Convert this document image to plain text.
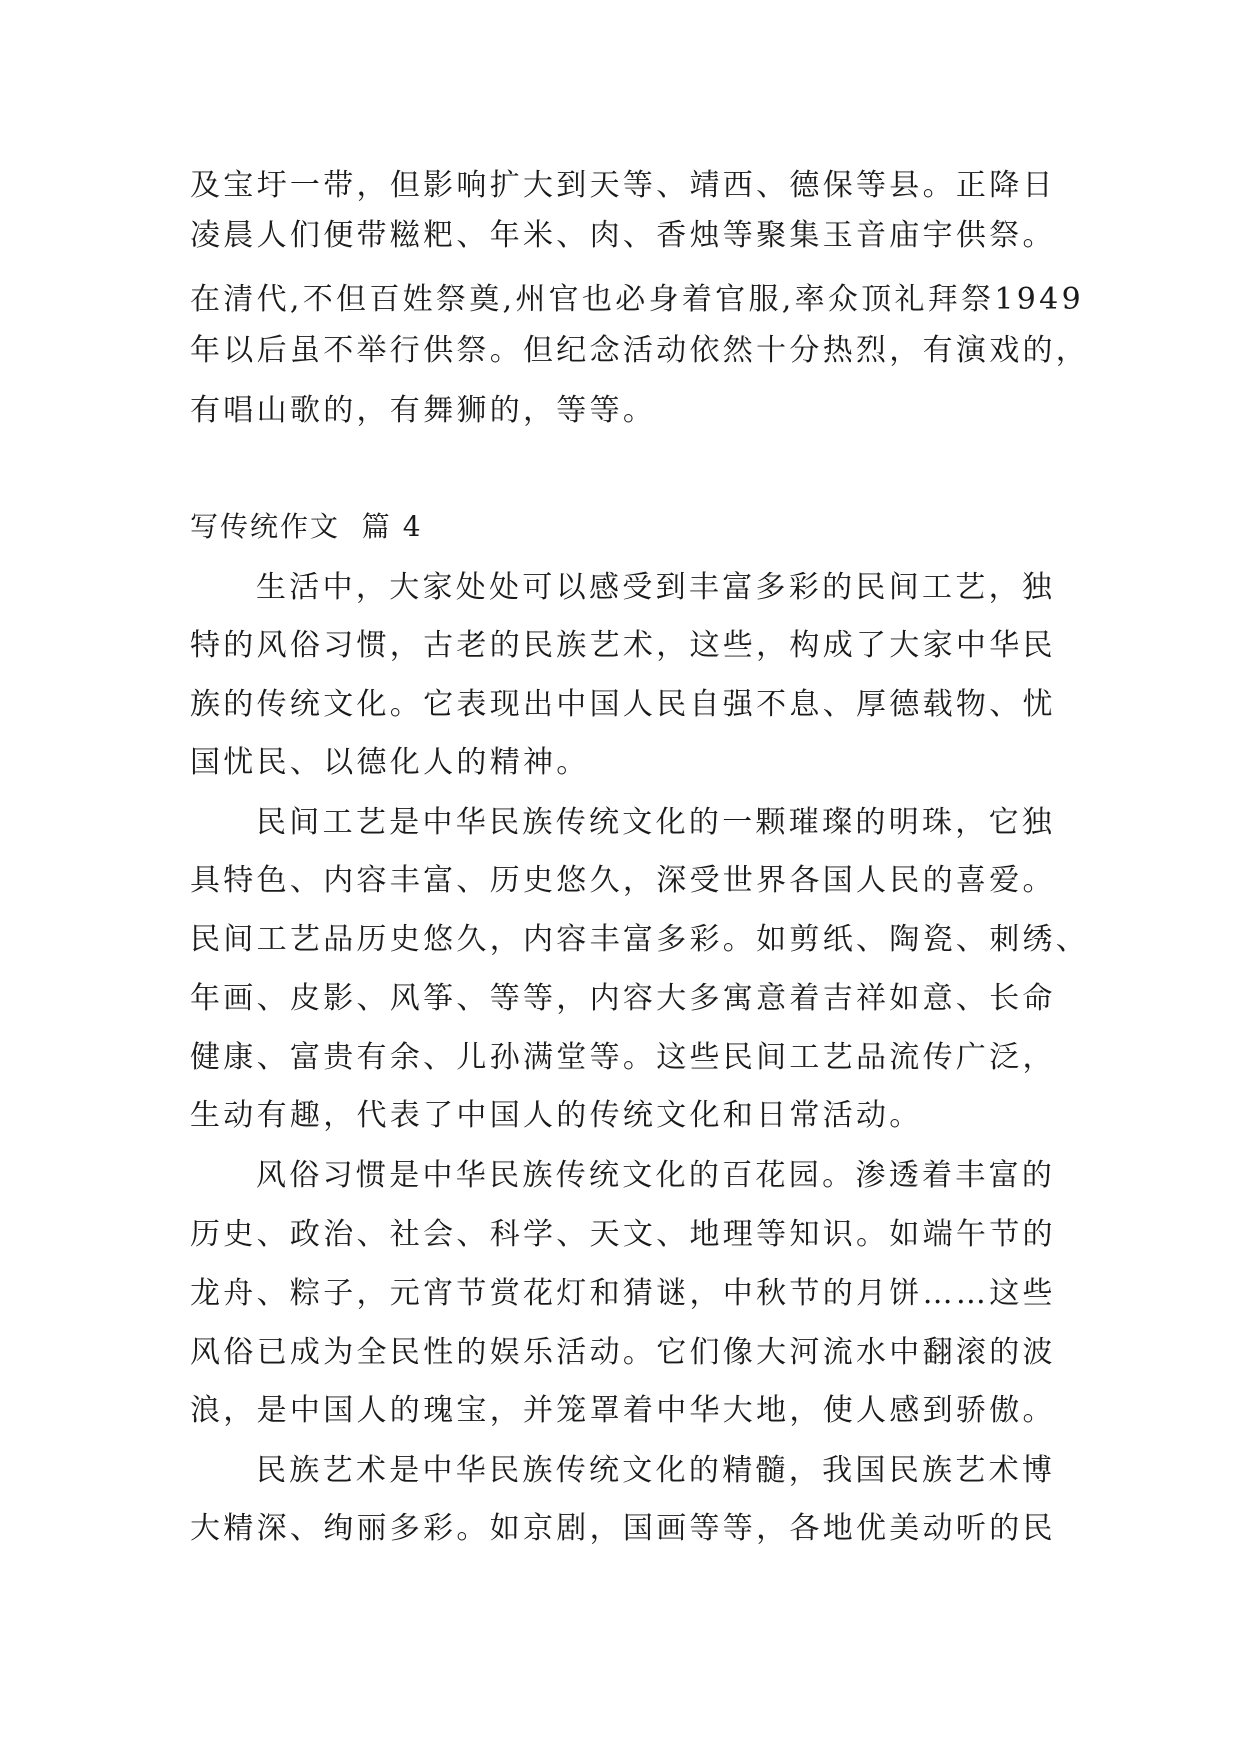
及宝圩一带，但影响扩大到天等、靖西、德保等县。正降日
凌晨人们便带糍粑、年米、肉、香烛等聚集玉音庙宇供祭。
在清代,不但百姓祭奠,州官也必身着官服,率众顶礼拜祭1949
年以后虽不举行供祭。但纪念活动依然十分热烈，有演戏的，
有唱山歌的，有舞狮的，等等。
写传统作文  篇 4
生活中，大家处处可以感受到丰富多彩的民间工艺，独
特的风俗习惯，古老的民族艺术，这些，构成了大家中华民
族的传统文化。它表现出中国人民自强不息、厚德载物、忧
国忧民、以德化人的精神。
民间工艺是中华民族传统文化的一颗璀璨的明珠，它独
具特色、内容丰富、历史悠久，深受世界各国人民的喜爱。
民间工艺品历史悠久，内容丰富多彩。如剪纸、陶瓷、刺绣、
年画、皮影、风筝、等等，内容大多寓意着吉祥如意、长命
健康、富贵有余、儿孙满堂等。这些民间工艺品流传广泛，
生动有趣，代表了中国人的传统文化和日常活动。
风俗习惯是中华民族传统文化的百花园。渗透着丰富的
历史、政治、社会、科学、天文、地理等知识。如端午节的
龙舟、粽子，元宵节赏花灯和猜谜，中秋节的月饼……这些
风俗已成为全民性的娱乐活动。它们像大河流水中翻滚的波
浪，是中国人的瑰宝，并笼罩着中华大地，使人感到骄傲。
民族艺术是中华民族传统文化的精髓，我国民族艺术博
大精深、绚丽多彩。如京剧，国画等等，各地优美动听的民
